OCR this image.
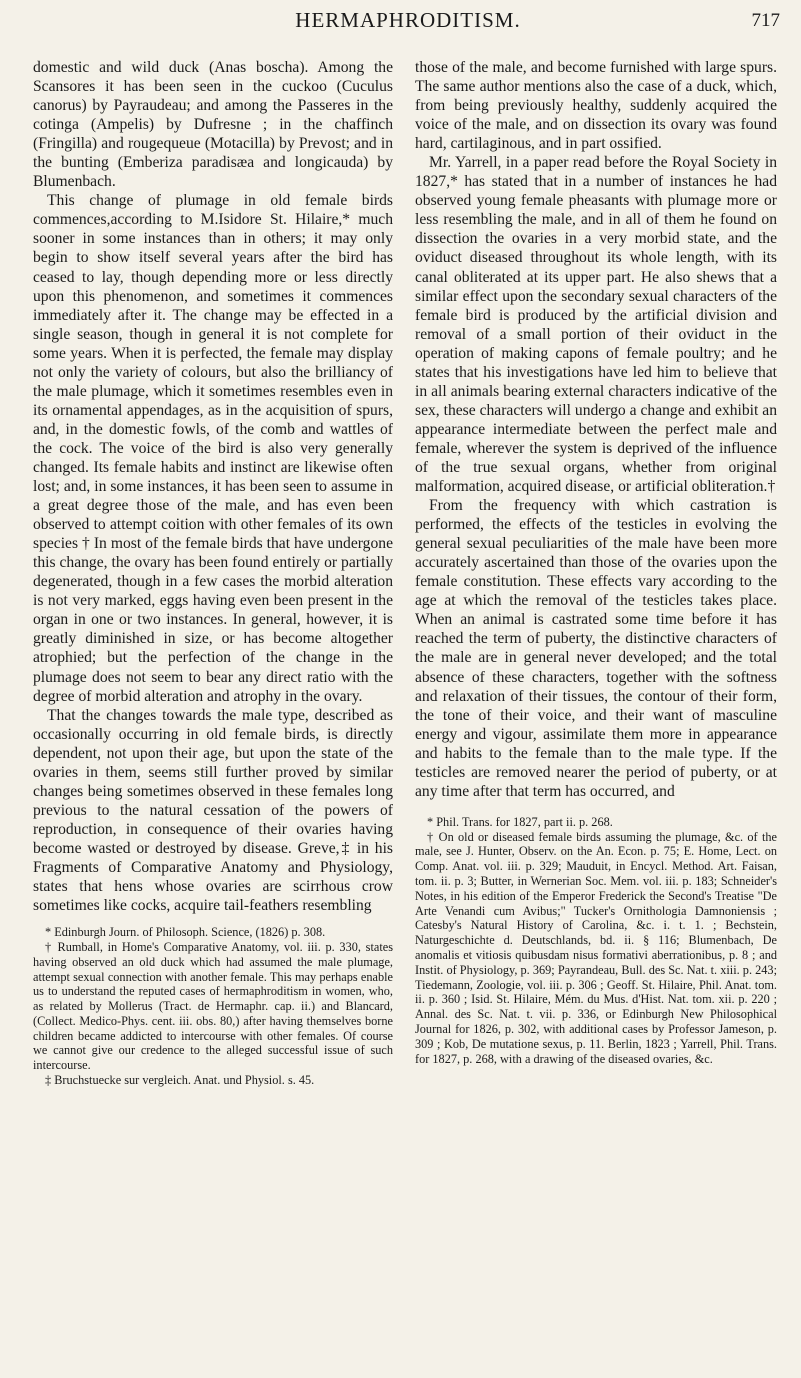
HERMAPHRODITISM.	717

domestic and wild duck (Anas boscha). Among the Scansores it has been seen in the cuckoo (Cuculus canorus) by Payraudeau; and among the Passeres in the cotinga (Ampelis) by Dufresne ; in the chaffinch (Fringilla) and rougequeue (Motacilla) by Prevost; and in the bunting (Emberiza paradisæa and longicauda) by Blumenbach.

This change of plumage in old female birds commences,according to M.Isidore St. Hilaire,* much sooner in some instances than in others; it may only begin to show itself several years after the bird has ceased to lay, though depending more or less directly upon this phenomenon, and sometimes it commences immediately after it. The change may be effected in a single season, though in general it is not complete for some years. When it is perfected, the female may display not only the variety of colours, but also the brilliancy of the male plumage, which it sometimes resembles even in its ornamental appendages, as in the acquisition of spurs, and, in the domestic fowls, of the comb and wattles of the cock. The voice of the bird is also very generally changed. Its female habits and instinct are likewise often lost; and, in some instances, it has been seen to assume in a great degree those of the male, and has even been observed to attempt coition with other females of its own species † In most of the female birds that have undergone this change, the ovary has been found entirely or partially degenerated, though in a few cases the morbid alteration is not very marked, eggs having even been present in the organ in one or two instances. In general, however, it is greatly diminished in size, or has become altogether atrophied; but the perfection of the change in the plumage does not seem to bear any direct ratio with the degree of morbid alteration and atrophy in the ovary.

That the changes towards the male type, described as occasionally occurring in old female birds, is directly dependent, not upon their age, but upon the state of the ovaries in them, seems still further proved by similar changes being sometimes observed in these females long previous to the natural cessation of the powers of reproduction, in consequence of their ovaries having become wasted or destroyed by disease. Greve,‡ in his Fragments of Comparative Anatomy and Physiology, states that hens whose ovaries are scirrhous crow sometimes like cocks, acquire tail-feathers resembling

* Edinburgh Journ. of Philosoph. Science, (1826) p. 308.

† Rumball, in Home's Comparative Anatomy, vol. iii. p. 330, states having observed an old duck which had assumed the male plumage, attempt sexual connection with another female. This may perhaps enable us to understand the reputed cases of hermaphroditism in women, who, as related by Mollerus (Tract. de Hermaphr. cap. ii.) and Blancard, (Collect. Medico-Phys. cent. iii. obs. 80,) after having themselves borne children became addicted to intercourse with other females. Of course we cannot give our credence to the alleged successful issue of such intercourse.

‡ Bruchstuecke sur vergleich. Anat. und Physiol. s. 45.

those of the male, and become furnished with large spurs. The same author mentions also the case of a duck, which, from being previously healthy, suddenly acquired the voice of the male, and on dissection its ovary was found hard, cartilaginous, and in part ossified.

Mr. Yarrell, in a paper read before the Royal Society in 1827,* has stated that in a number of instances he had observed young female pheasants with plumage more or less resembling the male, and in all of them he found on dissection the ovaries in a very morbid state, and the oviduct diseased throughout its whole length, with its canal obliterated at its upper part. He also shews that a similar effect upon the secondary sexual characters of the female bird is produced by the artificial division and removal of a small portion of their oviduct in the operation of making capons of female poultry; and he states that his investigations have led him to believe that in all animals bearing external characters indicative of the sex, these characters will undergo a change and exhibit an appearance intermediate between the perfect male and female, wherever the system is deprived of the influence of the true sexual organs, whether from original malformation, acquired disease, or artificial obliteration.†

From the frequency with which castration is performed, the effects of the testicles in evolving the general sexual peculiarities of the male have been more accurately ascertained than those of the ovaries upon the female constitution. These effects vary according to the age at which the removal of the testicles takes place. When an animal is castrated some time before it has reached the term of puberty, the distinctive characters of the male are in general never developed; and the total absence of these characters, together with the softness and relaxation of their tissues, the contour of their form, the tone of their voice, and their want of masculine energy and vigour, assimilate them more in appearance and habits to the female than to the male type. If the testicles are removed nearer the period of puberty, or at any time after that term has occurred, and

* Phil. Trans. for 1827, part ii. p. 268.

† On old or diseased female birds assuming the plumage, &c. of the male, see J. Hunter, Observ. on the An. Econ. p. 75; E. Home, Lect. on Comp. Anat. vol. iii. p. 329; Mauduit, in Encycl. Method. Art. Faisan, tom. ii. p. 3; Butter, in Wernerian Soc. Mem. vol. iii. p. 183; Schneider's Notes, in his edition of the Emperor Frederick the Second's Treatise "De Arte Venandi cum Avibus;" Tucker's Ornithologia Damnoniensis ; Catesby's Natural History of Carolina, &c. i. t. 1. ; Bechstein, Naturgeschichte d. Deutschlands, bd. ii. § 116; Blumenbach, De anomalis et vitiosis quibusdam nisus formativi aberrationibus, p. 8 ; and Instit. of Physiology, p. 369; Payrandeau, Bull. des Sc. Nat. t. xiii. p. 243; Tiedemann, Zoologie, vol. iii. p. 306 ; Geoff. St. Hilaire, Phil. Anat. tom. ii. p. 360 ; Isid. St. Hilaire, Mém. du Mus. d'Hist. Nat. tom. xii. p. 220 ; Annal. des Sc. Nat. t. vii. p. 336, or Edinburgh New Philosophical Journal for 1826, p. 302, with additional cases by Professor Jameson, p. 309 ; Kob, De mutatione sexus, p. 11. Berlin, 1823 ; Yarrell, Phil. Trans. for 1827, p. 268, with a drawing of the diseased ovaries, &c.
